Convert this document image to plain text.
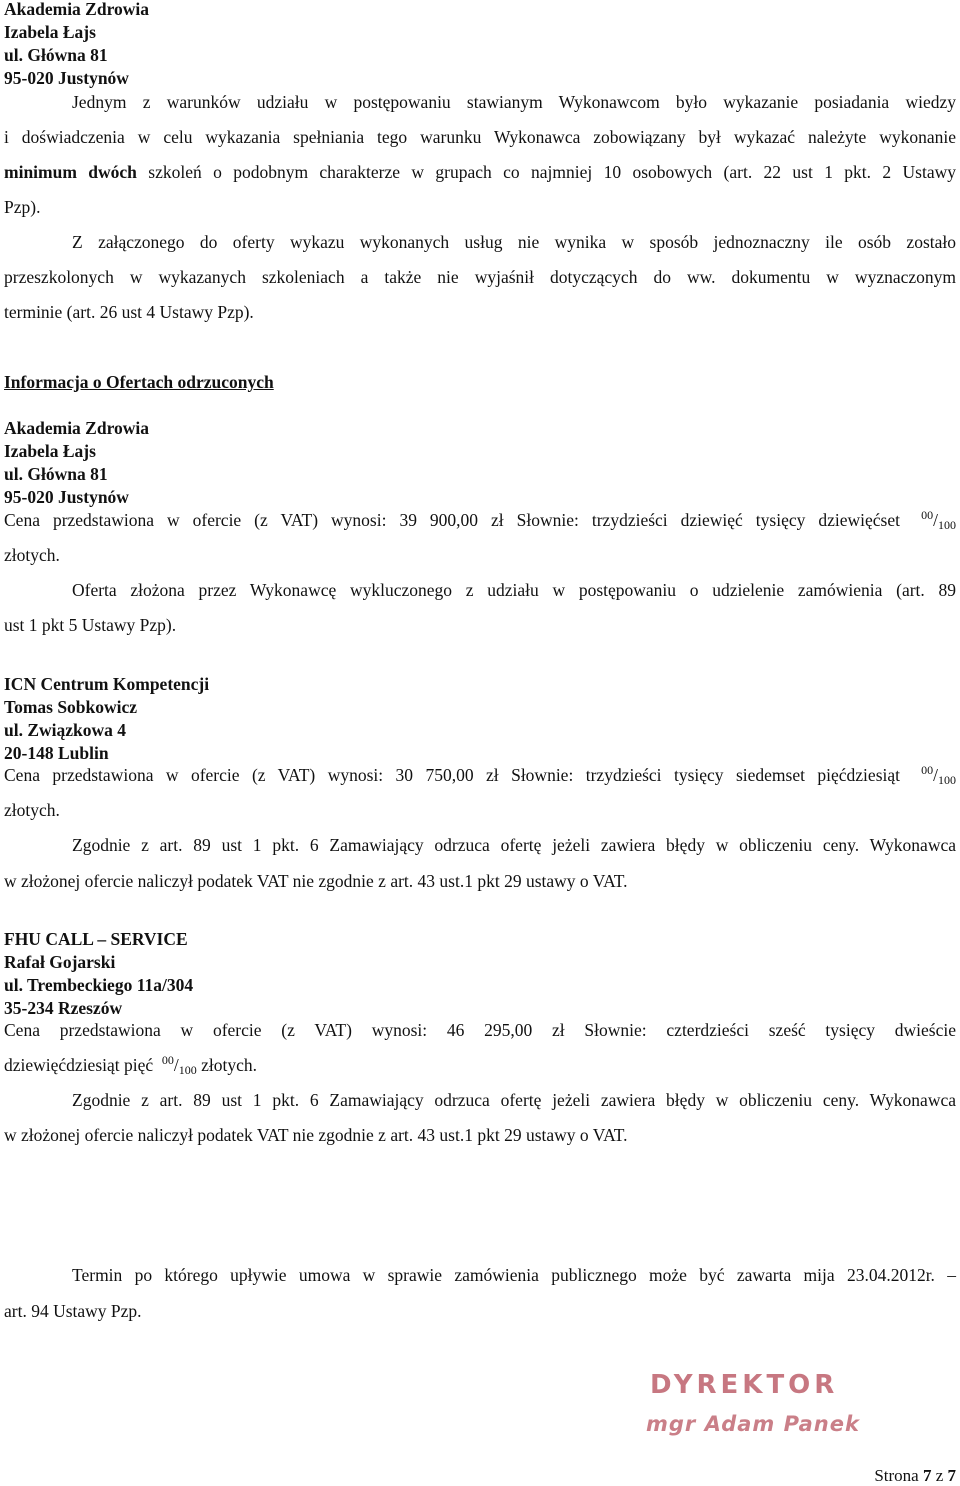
Akademia Zdrowia
Izabela Łajs
ul. Główna 81
95-020 Justynów
Jednym z warunków udziału w postępowaniu stawianym Wykonawcom było wykazanie posiadania wiedzy
i doświadczenia w celu wykazania spełniania tego warunku Wykonawca zobowiązany był wykazać należyte wykonanie
minimum dwóch szkoleń o podobnym charakterze w grupach co najmniej 10 osobowych (art. 22 ust 1 pkt. 2 Ustawy
Pzp).
Z załączonego do oferty wykazu wykonanych usług nie wynika w sposób jednoznaczny ile osób zostało
przeszkolonych w wykazanych szkoleniach a także nie wyjaśnił dotyczących do ww. dokumentu w wyznaczonym
terminie (art. 26 ust 4 Ustawy Pzp).
Informacja o Ofertach odrzuconych
Akademia Zdrowia
Izabela Łajs
ul. Główna 81
95-020 Justynów
Cena przedstawiona w ofercie (z VAT) wynosi: 39 900,00 zł Słownie: trzydzieści dziewięć tysięcy dziewięćset $^{00}$/100
złotych.
Oferta złożona przez Wykonawcę wykluczonego z udziału w postępowaniu o udzielenie zamówienia (art. 89
ust 1 pkt 5 Ustawy Pzp).
ICN Centrum Kompetencji
Tomas Sobkowicz
ul. Związkowa 4
20-148 Lublin
Cena przedstawiona w ofercie (z VAT) wynosi: 30 750,00 zł Słownie: trzydzieści tysięcy siedemset pięćdziesiąt $^{00}$/100
złotych.
Zgodnie z art. 89 ust 1 pkt. 6 Zamawiający odrzuca ofertę jeżeli zawiera błędy w obliczeniu ceny. Wykonawca
w złożonej ofercie naliczył podatek VAT nie zgodnie z art. 43 ust.1 pkt 29 ustawy o VAT.
FHU CALL – SERVICE
Rafał Gojarski
ul. Trembeckiego 11a/304
35-234 Rzeszów
Cena przedstawiona w ofercie (z VAT) wynosi: 46 295,00 zł Słownie: czterdzieści sześć tysięcy dwieście
dziewięćdziesiąt pięć $^{00}$/100 złotych.
Zgodnie z art. 89 ust 1 pkt. 6 Zamawiający odrzuca ofertę jeżeli zawiera błędy w obliczeniu ceny. Wykonawca
w złożonej ofercie naliczył podatek VAT nie zgodnie z art. 43 ust.1 pkt 29 ustawy o VAT.
Termin po którego upływie umowa w sprawie zamówienia publicznego może być zawarta mija 23.04.2012r. –
art. 94 Ustawy Pzp.
DYREKTOR
mgr Adam Panek
Strona 7 z 7
